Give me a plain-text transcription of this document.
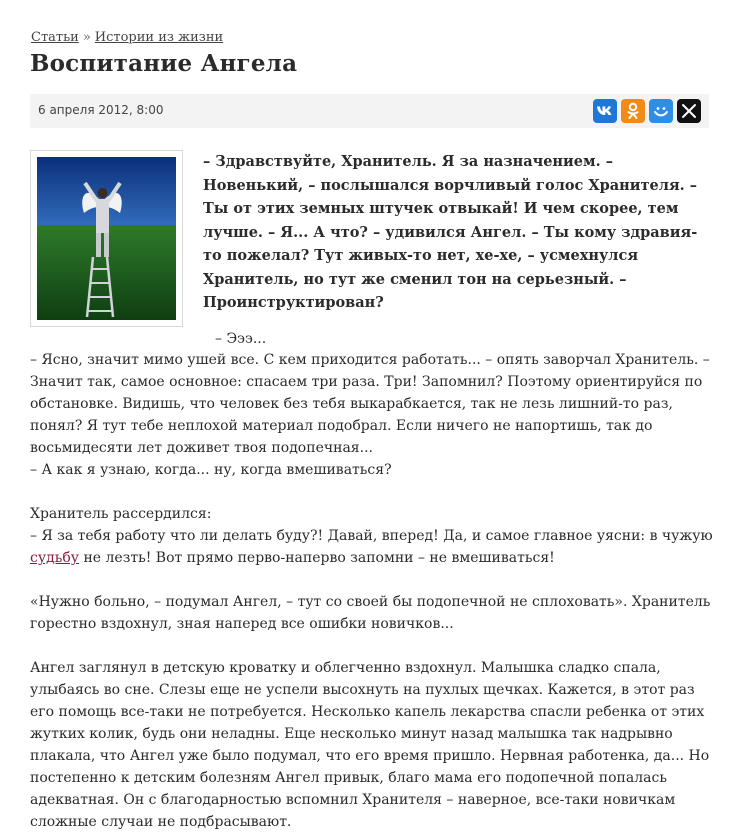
Статьи » Истории из жизни
Воспитание Ангела
6 апреля 2012, 8:00
– Здравствуйте, Хранитель. Я за назначением. – Новенький, – послышался ворчливый голос Хранителя. – Ты от этих земных штучек отвыкай! И чем скорее, тем лучше. – Я... А что? – удивился Ангел. – Ты кому здравия-то пожелал? Тут живых-то нет, хе-хе, – усмехнулся Хранитель, но тут же сменил тон на серьезный. – Проинструктирован?
– Эээ...

– Ясно, значит мимо ушей все. С кем приходится работать... – опять заворчал Хранитель. – Значит так, самое основное: спасаем три раза. Три! Запомнил? Поэтому ориентируйся по обстановке. Видишь, что человек без тебя выкарабкается, так не лезь лишний-то раз, понял? Я тут тебе неплохой материал подобрал. Если ничего не напортишь, так до восьмидесяти лет доживет твоя подопечная...

– А как я узнаю, когда... ну, когда вмешиваться?

Хранитель рассердился:

– Я за тебя работу что ли делать буду?! Давай, вперед! Да, и самое главное уясни: в чужую судьбу не лезть! Вот прямо перво-наперво запомни – не вмешиваться!

«Нужно больно, – подумал Ангел, – тут со своей бы подопечной не сплоховать». Хранитель горестно вздохнул, зная наперед все ошибки новичков...

Ангел заглянул в детскую кроватку и облегченно вздохнул. Малышка сладко спала, улыбаясь во сне. Слезы еще не успели высохнуть на пухлых щечках. Кажется, в этот раз его помощь все-таки не потребуется. Несколько капель лекарства спасли ребенка от этих жутких колик, будь они неладны. Еще несколько минут назад малышка так надрывно плакала, что Ангел уже было подумал, что его время пришло. Нервная работенка, да... Но постепенно к детским болезням Ангел привык, благо мама его подопечной попалась адекватная. Он с благодарностью вспомнил Хранителя – наверное, все-таки новичкам сложные случаи не подбрасывают.
